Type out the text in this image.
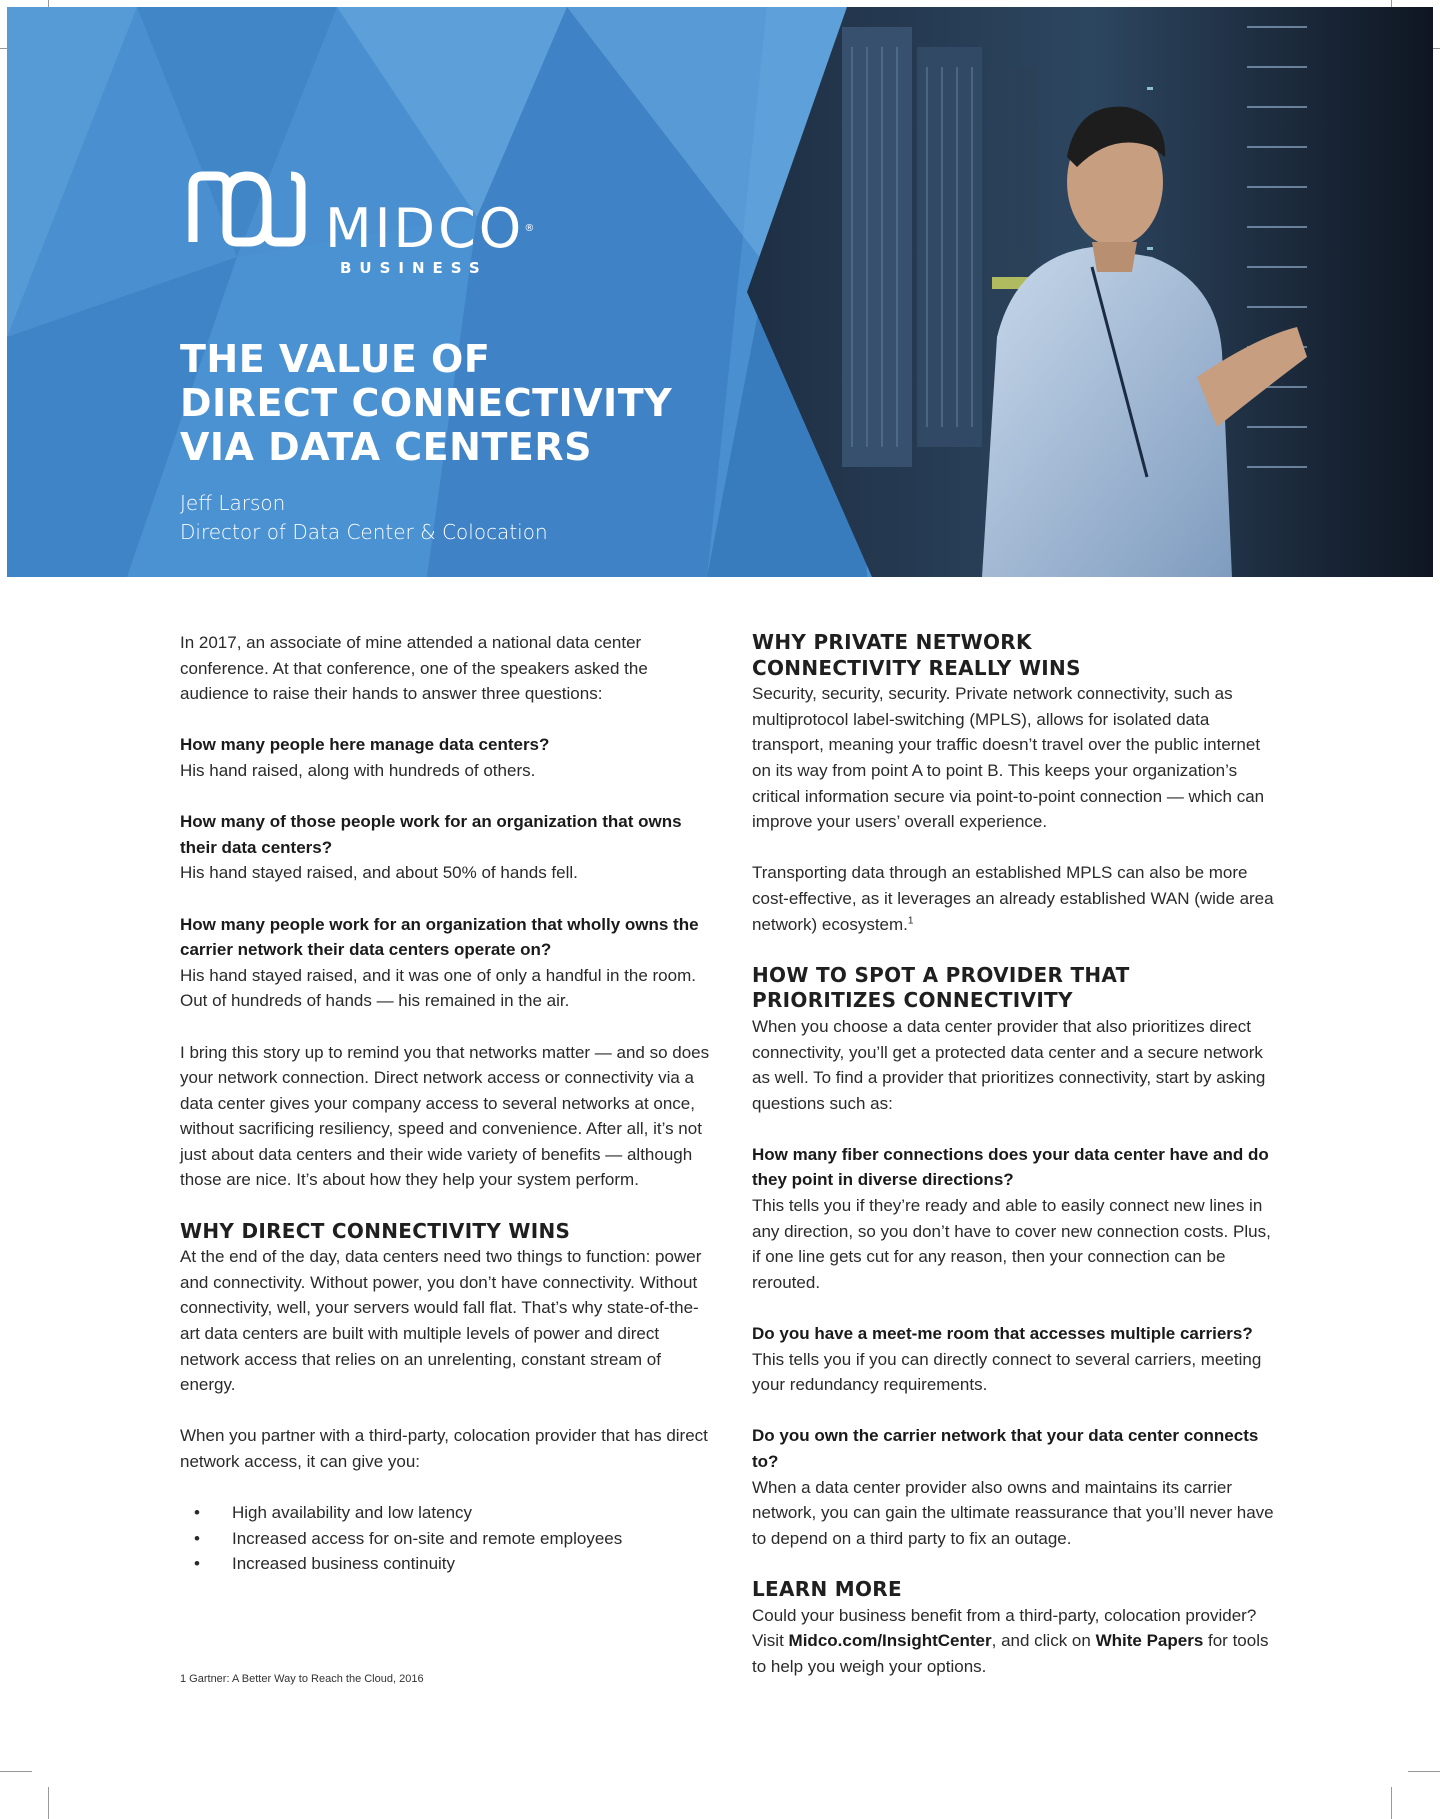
MIDCO®
BUSINESS
THE VALUE OF
DIRECT CONNECTIVITY
VIA DATA CENTERS
Jeff Larson
Director of Data Center & Colocation

In 2017, an associate of mine attended a national data center conference. At that conference, one of the speakers asked the audience to raise their hands to answer three questions:

How many people here manage data centers?
His hand raised, along with hundreds of others.

How many of those people work for an organization that owns their data centers?
His hand stayed raised, and about 50% of hands fell.

How many people work for an organization that wholly owns the carrier network their data centers operate on?
His hand stayed raised, and it was one of only a handful in the room. Out of hundreds of hands — his remained in the air.

I bring this story up to remind you that networks matter — and so does your network connection. Direct network access or connectivity via a data center gives your company access to several networks at once, without sacrificing resiliency, speed and convenience. After all, it’s not just about data centers and their wide variety of benefits — although those are nice. It’s about how they help your system perform.

WHY DIRECT CONNECTIVITY WINS

At the end of the day, data centers need two things to function: power and connectivity. Without power, you don’t have connectivity. Without connectivity, well, your servers would fall flat. That’s why state-of-the-art data centers are built with multiple levels of power and direct network access that relies on an unrelenting, constant stream of energy.

When you partner with a third-party, colocation provider that has direct network access, it can give you:

• High availability and low latency
• Increased access for on-site and remote employees
• Increased business continuity
1 Gartner: A Better Way to Reach the Cloud, 2016
WHY PRIVATE NETWORK
CONNECTIVITY REALLY WINS

Security, security, security. Private network connectivity, such as multiprotocol label-switching (MPLS), allows for isolated data transport, meaning your traffic doesn’t travel over the public internet on its way from point A to point B. This keeps your organization’s critical information secure via point-to-point connection — which can improve your users’ overall experience.

Transporting data through an established MPLS can also be more cost-effective, as it leverages an already established WAN (wide area network) ecosystem.$^1$

HOW TO SPOT A PROVIDER THAT
PRIORITIZES CONNECTIVITY

When you choose a data center provider that also prioritizes direct connectivity, you’ll get a protected data center and a secure network as well. To find a provider that prioritizes connectivity, start by asking questions such as:

How many fiber connections does your data center have and do they point in diverse directions?
This tells you if they’re ready and able to easily connect new lines in any direction, so you don’t have to cover new connection costs. Plus, if one line gets cut for any reason, then your connection can be rerouted.

Do you have a meet-me room that accesses multiple carriers?
This tells you if you can directly connect to several carriers, meeting your redundancy requirements.

Do you own the carrier network that your data center connects to?
When a data center provider also owns and maintains its carrier network, you can gain the ultimate reassurance that you’ll never have to depend on a third party to fix an outage.

LEARN MORE

Could your business benefit from a third-party, colocation provider? Visit Midco.com/InsightCenter, and click on White Papers for tools to help you weigh your options.
